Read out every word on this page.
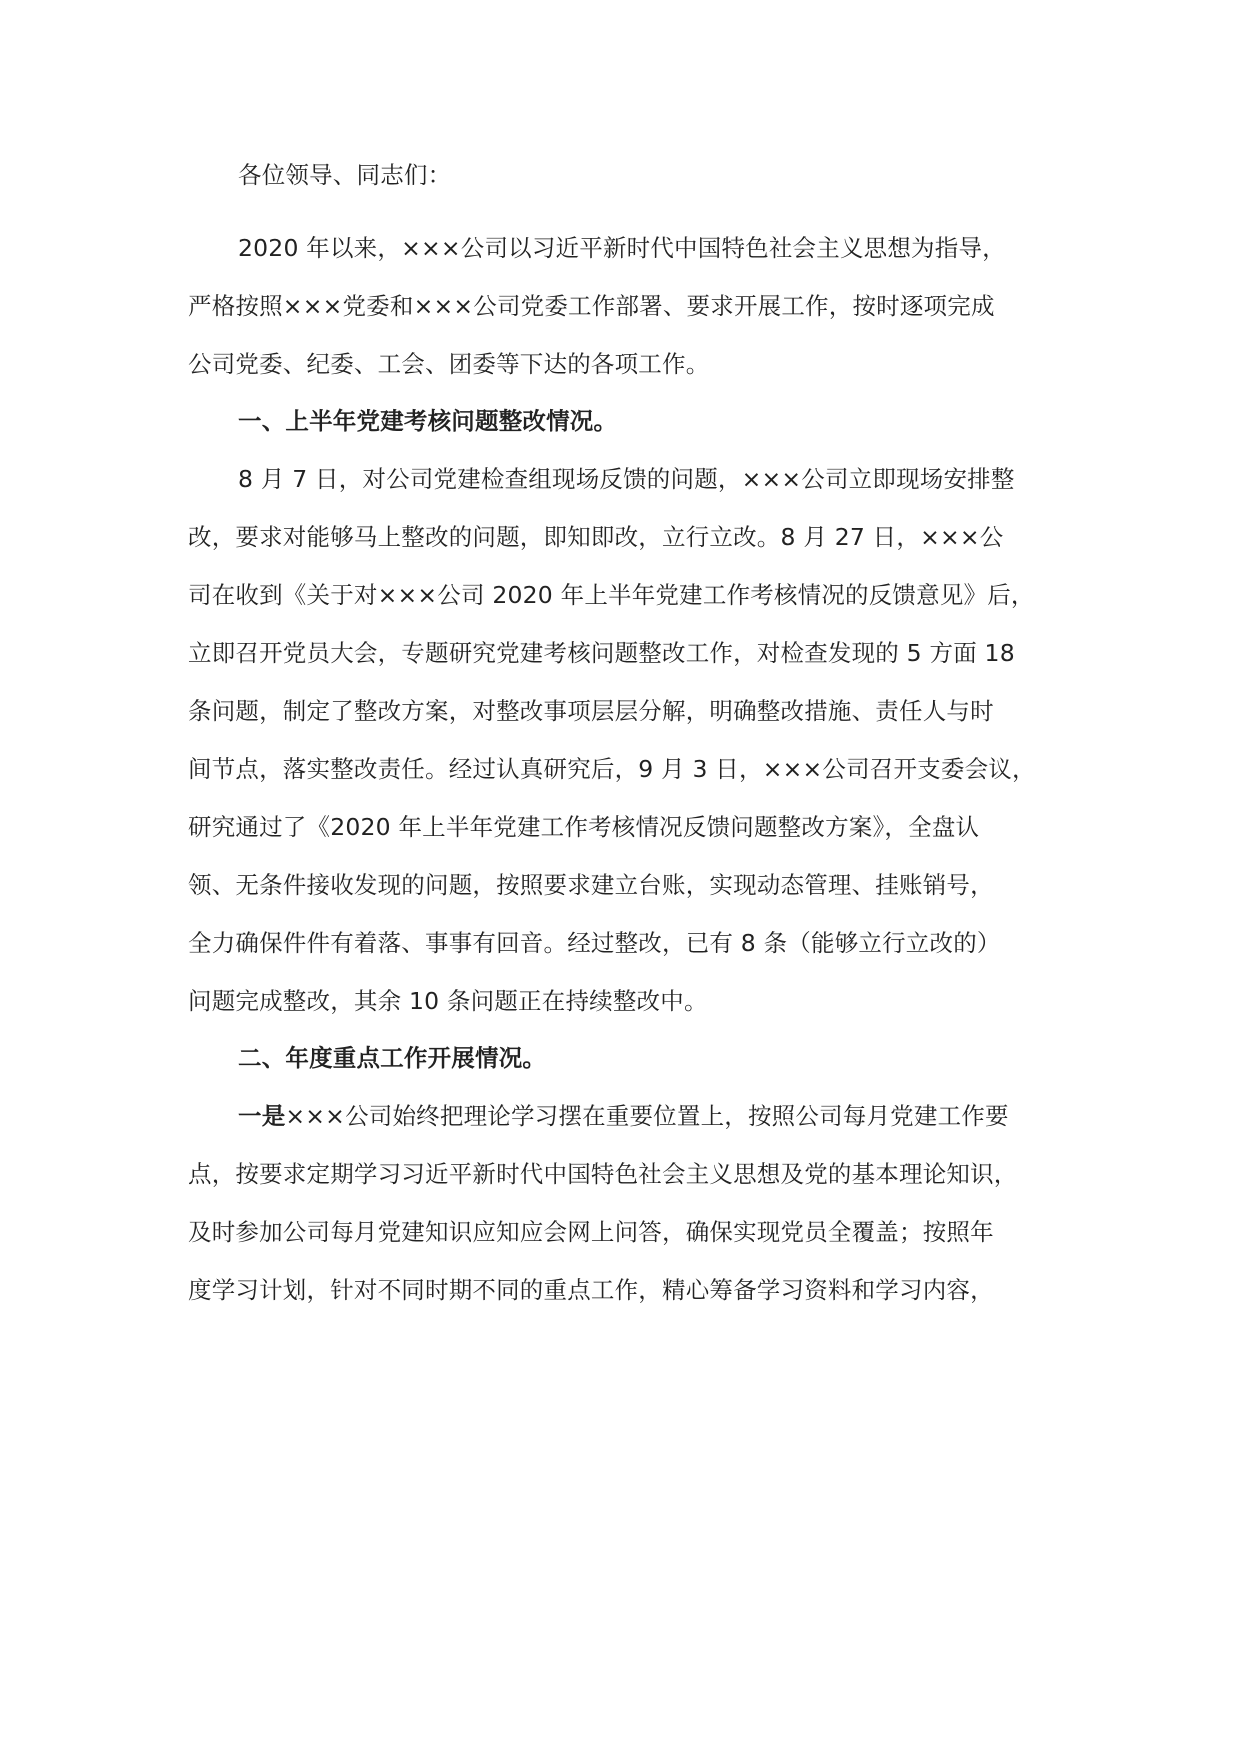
各位领导、同志们：
2020 年以来，×××公司以习近平新时代中国特色社会主义思想为指导，
严格按照×××党委和×××公司党委工作部署、要求开展工作，按时逐项完成
公司党委、纪委、工会、团委等下达的各项工作。
一、上半年党建考核问题整改情况。
8 月 7 日，对公司党建检查组现场反馈的问题，×××公司立即现场安排整
改，要求对能够马上整改的问题，即知即改，立行立改。8 月 27 日，×××公
司在收到《关于对×××公司 2020 年上半年党建工作考核情况的反馈意见》后，
立即召开党员大会，专题研究党建考核问题整改工作，对检查发现的 5 方面 18
条问题，制定了整改方案，对整改事项层层分解，明确整改措施、责任人与时
间节点，落实整改责任。经过认真研究后，9 月 3 日，×××公司召开支委会议，
研究通过了《2020 年上半年党建工作考核情况反馈问题整改方案》，全盘认
领、无条件接收发现的问题，按照要求建立台账，实现动态管理、挂账销号，
全力确保件件有着落、事事有回音。经过整改，已有 8 条（能够立行立改的）
问题完成整改，其余 10 条问题正在持续整改中。
二、年度重点工作开展情况。
一是×××公司始终把理论学习摆在重要位置上，按照公司每月党建工作要
点，按要求定期学习习近平新时代中国特色社会主义思想及党的基本理论知识，
及时参加公司每月党建知识应知应会网上问答，确保实现党员全覆盖；按照年
度学习计划，针对不同时期不同的重点工作，精心筹备学习资料和学习内容，
